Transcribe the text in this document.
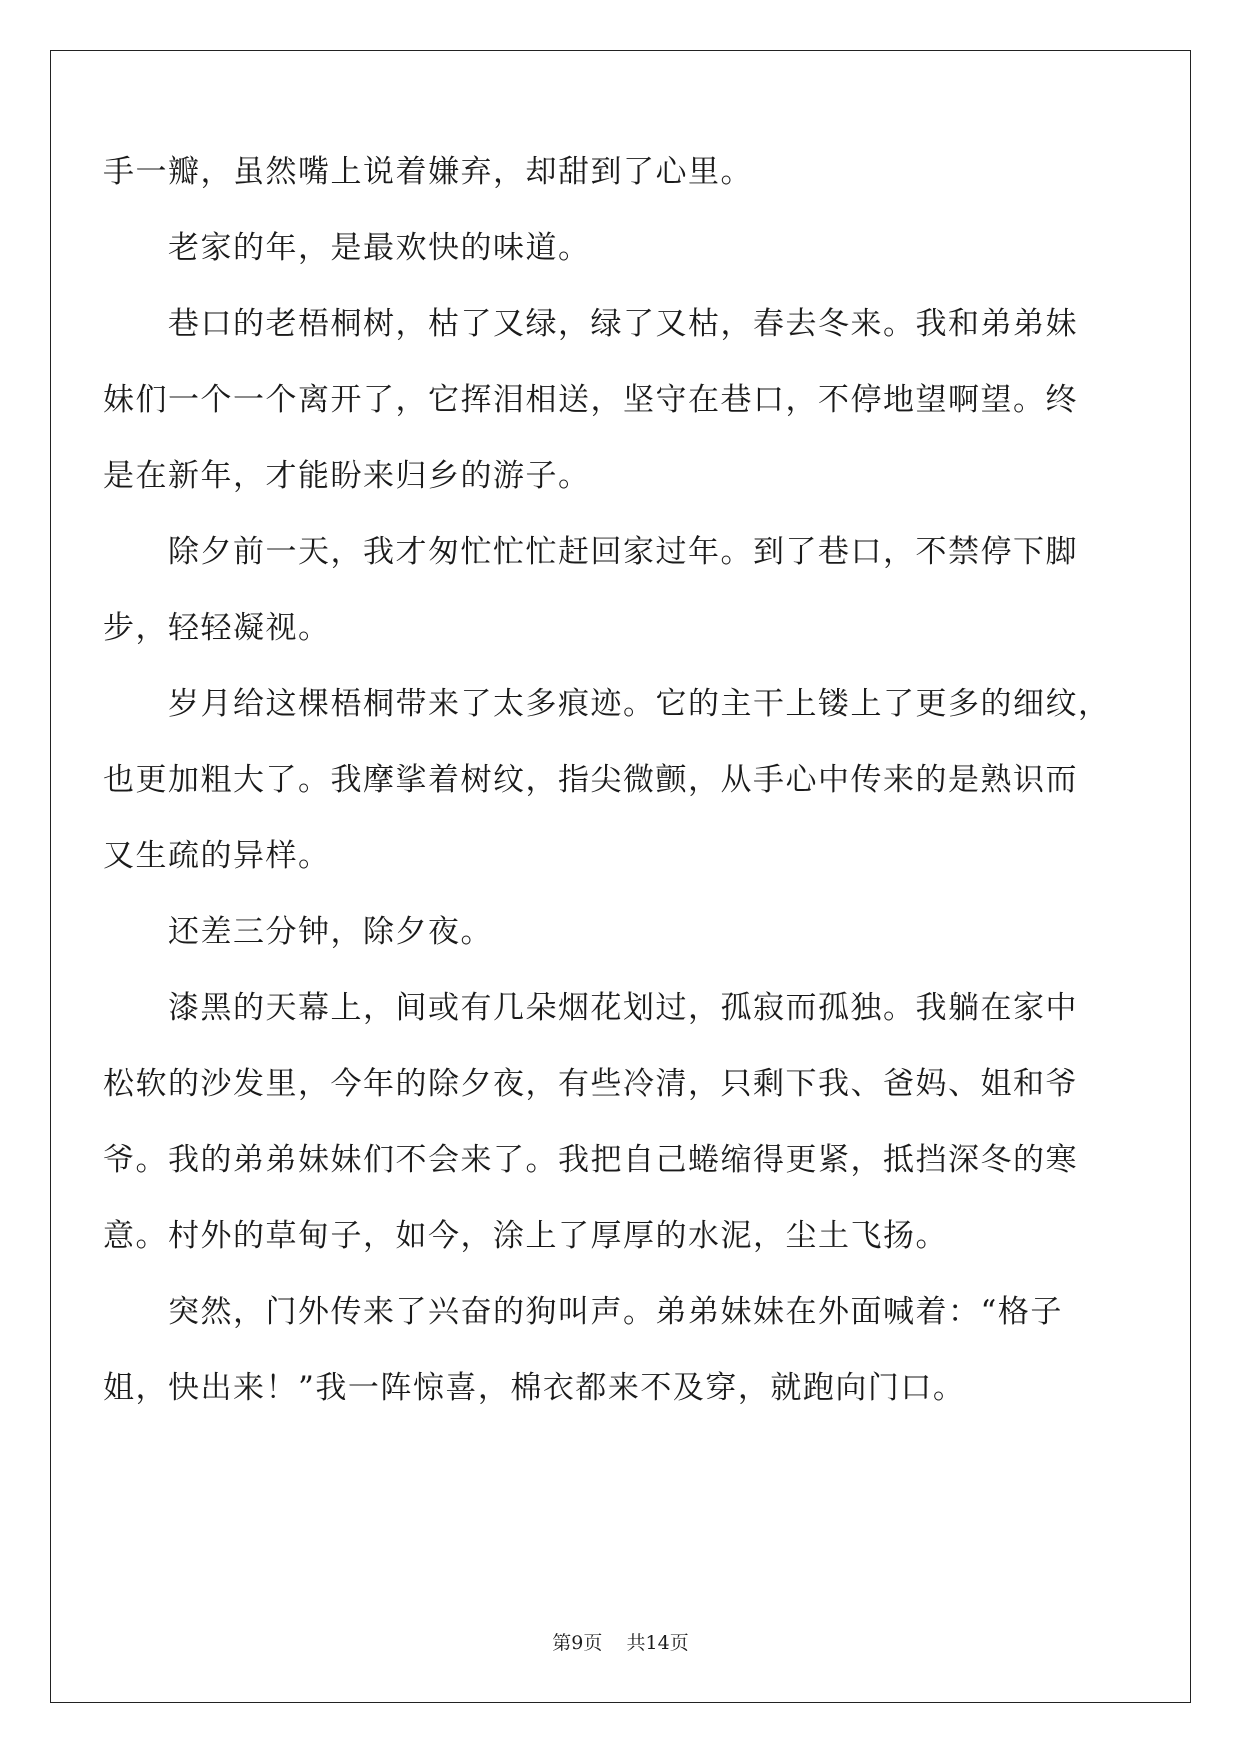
手一瓣，虽然嘴上说着嫌弃，却甜到了心里。
　　老家的年，是最欢快的味道。
　　巷口的老梧桐树，枯了又绿，绿了又枯，春去冬来。我和弟弟妹
妹们一个一个离开了，它挥泪相送，坚守在巷口，不停地望啊望。终
是在新年，才能盼来归乡的游子。
　　除夕前一天，我才匆忙忙忙赶回家过年。到了巷口，不禁停下脚
步，轻轻凝视。
　　岁月给这棵梧桐带来了太多痕迹。它的主干上镂上了更多的细纹，
也更加粗大了。我摩挲着树纹，指尖微颤，从手心中传来的是熟识而
又生疏的异样。
　　还差三分钟，除夕夜。
　　漆黑的天幕上，间或有几朵烟花划过，孤寂而孤独。我躺在家中
松软的沙发里，今年的除夕夜，有些冷清，只剩下我、爸妈、姐和爷
爷。我的弟弟妹妹们不会来了。我把自己蜷缩得更紧，抵挡深冬的寒
意。村外的草甸子，如今，涂上了厚厚的水泥，尘土飞扬。
　　突然，门外传来了兴奋的狗叫声。弟弟妹妹在外面喊着：“格子
姐，快出来！”我一阵惊喜，棉衣都来不及穿，就跑向门口。
第9页 共14页
